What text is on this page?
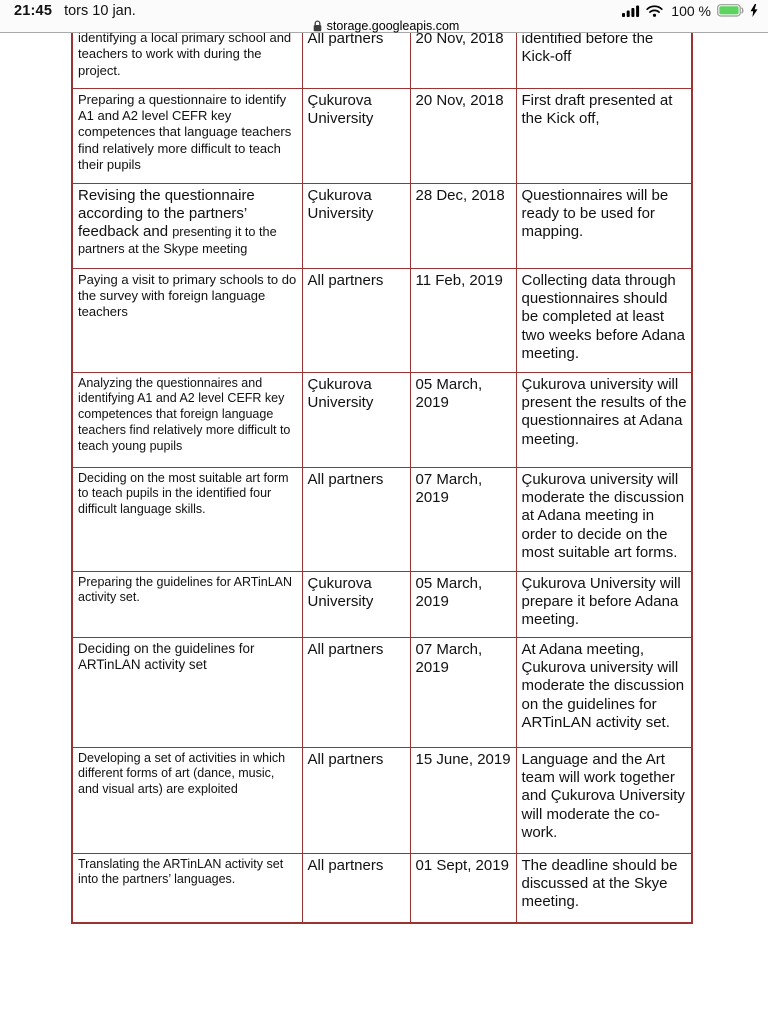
21:45 tors 10 jan.	100 %
storage.googleapis.com
identifying a local primary school and teachers to work with during the project.	All partners	20 Nov, 2018	identified before the Kick-off
Preparing a questionnaire to identify A1 and A2 level CEFR key competences that language teachers find relatively more difficult to teach their pupils	Çukurova University	20 Nov, 2018	First draft presented at the Kick off,
Revising the questionnaire according to the partners’ feedback and presenting it to the partners at the Skype meeting	Çukurova University	28 Dec, 2018	Questionnaires will be ready to be used for mapping.
Paying a visit to primary schools to do the survey with foreign language teachers	All partners	11 Feb, 2019	Collecting data through questionnaires should be completed at least two weeks before Adana meeting.
Analyzing the questionnaires and identifying A1 and A2 level CEFR key competences that foreign language teachers find relatively more difficult to teach young pupils	Çukurova University	05 March, 2019	Çukurova university will present the results of the questionnaires at Adana meeting.
Deciding on the most suitable art form to teach pupils in the identified four difficult language skills.	All partners	07 March, 2019	Çukurova university will moderate the discussion at Adana meeting in order to decide on the most suitable art forms.
Preparing the guidelines for ARTinLAN activity set.	Çukurova University	05 March, 2019	Çukurova University will prepare it before Adana meeting.
Deciding on the guidelines for ARTinLAN activity set	All partners	07 March, 2019	At Adana meeting, Çukurova university will moderate the discussion on the guidelines for ARTinLAN activity set.
Developing a set of activities in which different forms of art (dance, music, and visual arts) are exploited	All partners	15 June, 2019	Language and the Art team will work together and Çukurova University will moderate the co-work.
Translating the ARTinLAN activity set into the partners’ languages.	All partners	01 Sept, 2019	The deadline should be discussed at the Skye meeting.
